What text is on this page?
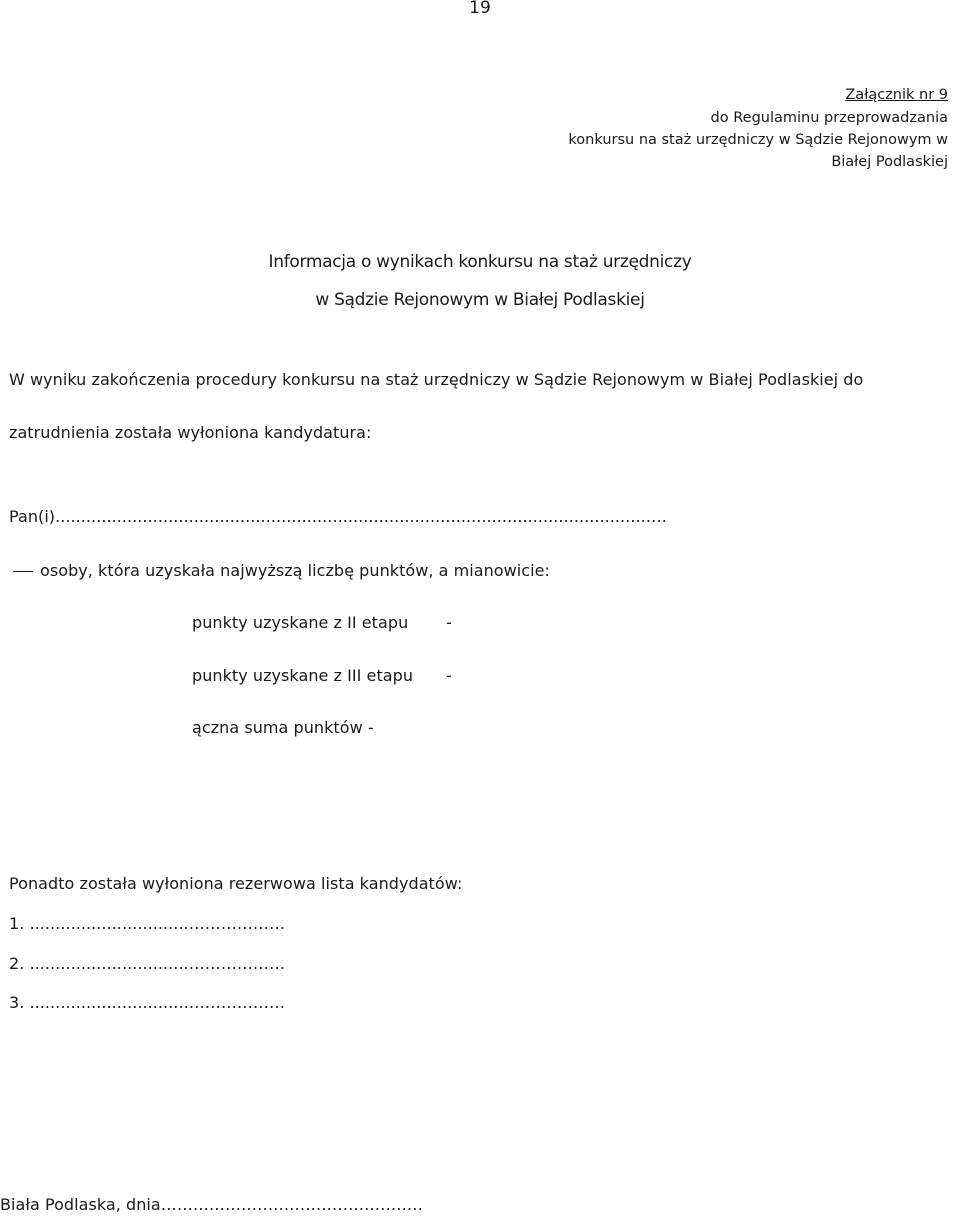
19
Załącznik nr 9
do Regulaminu przeprowadzania
konkursu na staż urzędniczy w Sądzie Rejonowym w
Białej Podlaskiej
Informacja o wynikach konkursu na staż urzędniczy
w Sądzie Rejonowym w Białej Podlaskiej
W wyniku zakończenia procedury konkursu na staż urzędniczy w Sądzie Rejonowym w Białej Podlaskiej do
zatrudnienia została wyłoniona kandydatura:
Pan(i)...................................................................................................................….
osoby, która uzyskała najwyższą liczbę punktów, a mianowicie:
punkty uzyskane z II etapu -
punkty uzyskane z III etapu -
ączna suma punktów -
Ponadto została wyłoniona rezerwowa lista kandydatów:
1. ...............................………………
2. ...............................………………
3. ...............................………………
Biała Podlaska, dnia………………………………………….
